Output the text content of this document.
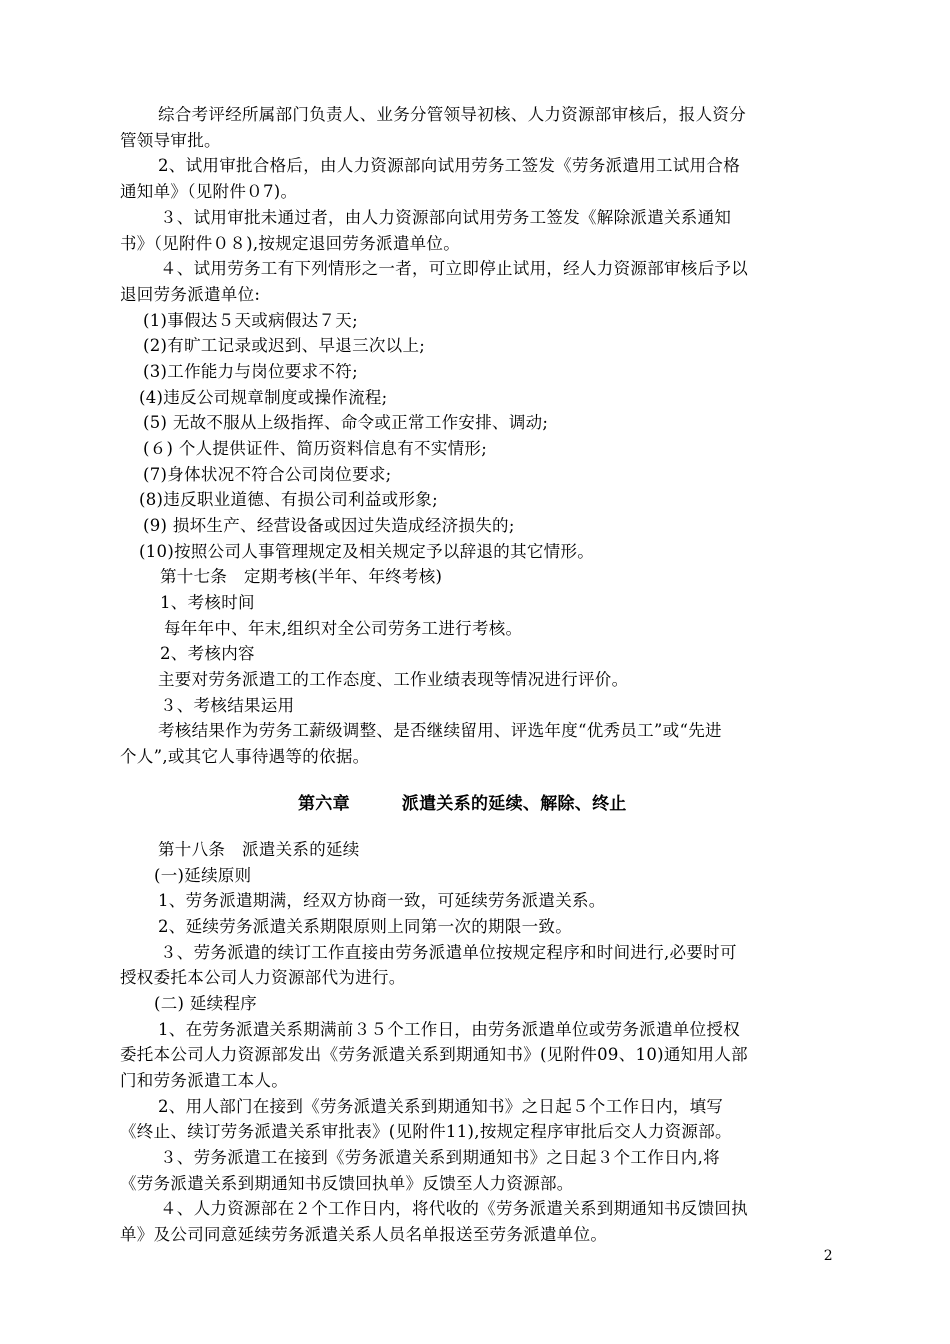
综合考评经所属部门负责人、业务分管领导初核、人力资源部审核后，报人资分
管领导审批。
2、试用审批合格后，由人力资源部向试用劳务工签发《劳务派遣用工试用合格
通知单》（见附件０7)。
３、试用审批未通过者，由人力资源部向试用劳务工签发《解除派遣关系通知
书》（见附件０８),按规定退回劳务派遣单位。
４、试用劳务工有下列情形之一者，可立即停止试用，经人力资源部审核后予以
退回劳务派遣单位:
(1)事假达５天或病假达７天;
(2)有旷工记录或迟到、早退三次以上;
(3)工作能力与岗位要求不符;
(4)违反公司规章制度或操作流程;
(5) 无故不服从上级指挥、命令或正常工作安排、调动;
(６) 个人提供证件、简历资料信息有不实情形;
(7)身体状况不符合公司岗位要求;
(8)违反职业道德、有损公司利益或形象;
(9) 损坏生产、经营设备或因过失造成经济损失的;
(10)按照公司人事管理规定及相关规定予以辞退的其它情形。
第十七条　定期考核(半年、年终考核)
1、考核时间
每年年中、年末,组织对全公司劳务工进行考核。
2、考核内容
主要对劳务派遣工的工作态度、工作业绩表现等情况进行评价。
３、考核结果运用
考核结果作为劳务工薪级调整、是否继续留用、评选年度“优秀员工”或“先进
个人”,或其它人事待遇等的依据。
第六章　　　派遣关系的延续、解除、终止
第十八条　派遣关系的延续
(一)延续原则
1、劳务派遣期满，经双方协商一致，可延续劳务派遣关系。
2、延续劳务派遣关系期限原则上同第一次的期限一致。
３、劳务派遣的续订工作直接由劳务派遣单位按规定程序和时间进行,必要时可
授权委托本公司人力资源部代为进行。
(二) 延续程序
1、在劳务派遣关系期满前３５个工作日，由劳务派遣单位或劳务派遣单位授权
委托本公司人力资源部发出《劳务派遣关系到期通知书》(见附件09、10)通知用人部
门和劳务派遣工本人。
2、用人部门在接到《劳务派遣关系到期通知书》之日起５个工作日内，填写
《终止、续订劳务派遣关系审批表》(见附件11),按规定程序审批后交人力资源部。
３、劳务派遣工在接到《劳务派遣关系到期通知书》之日起３个工作日内,将
《劳务派遣关系到期通知书反馈回执单》反馈至人力资源部。
４、人力资源部在２个工作日内，将代收的《劳务派遣关系到期通知书反馈回执
单》及公司同意延续劳务派遣关系人员名单报送至劳务派遣单位。
2
